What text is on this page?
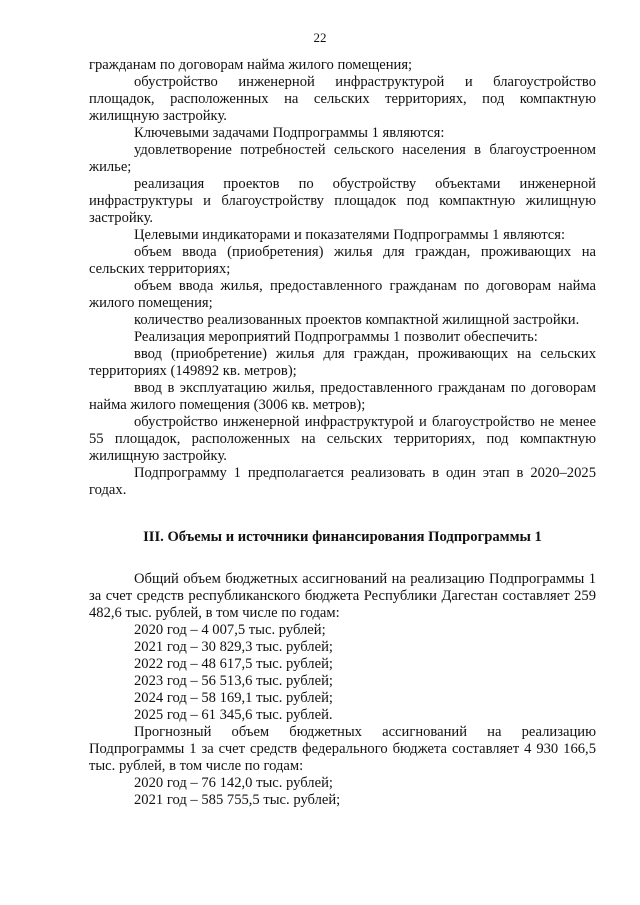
22

гражданам по договорам найма жилого помещения;

обустройство инженерной инфраструктурой и благоустройство площадок, расположенных на сельских территориях, под компактную жилищную застройку.

Ключевыми задачами Подпрограммы 1 являются:

удовлетворение потребностей сельского населения в благоустроенном жилье;

реализация проектов по обустройству объектами инженерной инфраструктуры и благоустройству площадок под компактную жилищную застройку.

Целевыми индикаторами и показателями Подпрограммы 1 являются:

объем ввода (приобретения) жилья для граждан, проживающих на сельских территориях;

объем ввода жилья, предоставленного гражданам по договорам найма жилого помещения;

количество реализованных проектов компактной жилищной застройки.

Реализация мероприятий Подпрограммы 1 позволит обеспечить:

ввод (приобретение) жилья для граждан, проживающих на сельских территориях (149892 кв. метров);

ввод в эксплуатацию жилья, предоставленного гражданам по договорам найма жилого помещения (3006 кв. метров);

обустройство инженерной инфраструктурой и благоустройство не менее 55 площадок, расположенных на сельских территориях, под компактную жилищную застройку.

Подпрограмму 1 предполагается реализовать в один этап в 2020–2025 годах.

III. Объемы и источники финансирования Подпрограммы 1

Общий объем бюджетных ассигнований на реализацию Подпрограммы 1 за счет средств республиканского бюджета Республики Дагестан составляет 259 482,6 тыс. рублей, в том числе по годам:

2020 год – 4 007,5 тыс. рублей;

2021 год – 30 829,3 тыс. рублей;

2022 год – 48 617,5 тыс. рублей;

2023 год – 56 513,6 тыс. рублей;

2024 год – 58 169,1 тыс. рублей;

2025 год – 61 345,6 тыс. рублей.

Прогнозный объем бюджетных ассигнований на реализацию Подпрограммы 1 за счет средств федерального бюджета составляет 4 930 166,5 тыс. рублей, в том числе по годам:

2020 год – 76 142,0 тыс. рублей;

2021 год – 585 755,5 тыс. рублей;
